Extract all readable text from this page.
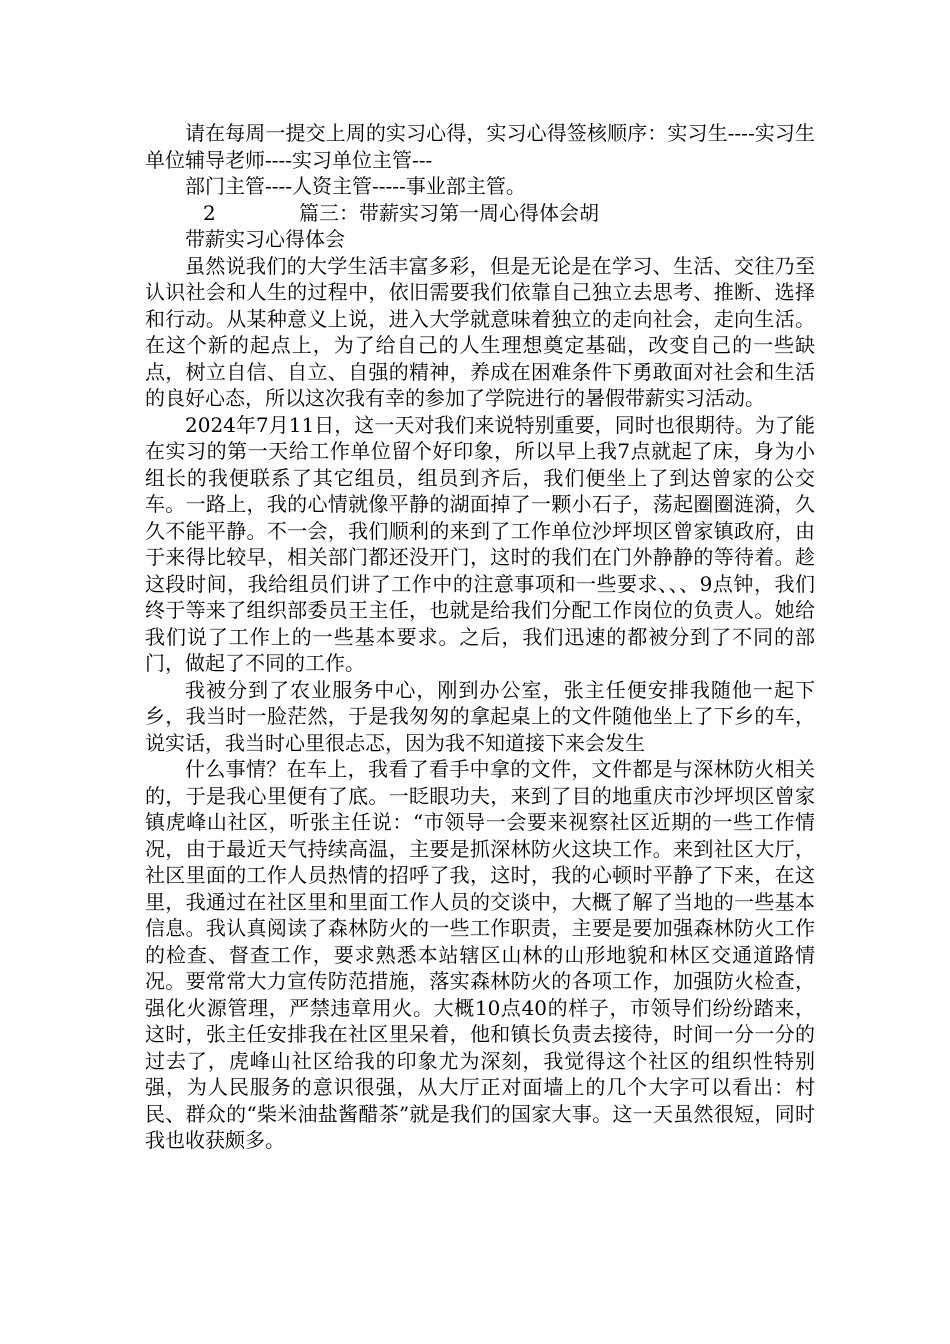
请在每周一提交上周的实习心得，实习心得签核顺序：实习生----实习生单位辅导老师----实习单位主管---

部门主管----人资主管-----事业部主管。

2	篇三：带薪实习第一周心得体会胡

带薪实习心得体会

虽然说我们的大学生活丰富多彩，但是无论是在学习、生活、交往乃至认识社会和人生的过程中，依旧需要我们依靠自己独立去思考、推断、选择和行动。从某种意义上说，进入大学就意味着独立的走向社会，走向生活。在这个新的起点上，为了给自己的人生理想奠定基础，改变自己的一些缺点，树立自信、自立、自强的精神，养成在困难条件下勇敢面对社会和生活的良好心态，所以这次我有幸的参加了学院进行的暑假带薪实习活动。

2024年7月11日，这一天对我们来说特别重要，同时也很期待。为了能在实习的第一天给工作单位留个好印象，所以早上我7点就起了床，身为小组长的我便联系了其它组员，组员到齐后，我们便坐上了到达曾家的公交车。一路上，我的心情就像平静的湖面掉了一颗小石子，荡起圈圈涟漪，久久不能平静。不一会，我们顺利的来到了工作单位沙坪坝区曾家镇政府，由于来得比较早，相关部门都还没开门，这时的我们在门外静静的等待着。趁这段时间，我给组员们讲了工作中的注意事项和一些要求、、、9点钟，我们终于等来了组织部委员王主任，也就是给我们分配工作岗位的负责人。她给我们说了工作上的一些基本要求。之后，我们迅速的都被分到了不同的部门，做起了不同的工作。

我被分到了农业服务中心，刚到办公室，张主任便安排我随他一起下乡，我当时一脸茫然，于是我匆匆的拿起桌上的文件随他坐上了下乡的车，说实话，我当时心里很忐忑，因为我不知道接下来会发生

什么事情？在车上，我看了看手中拿的文件，文件都是与深林防火相关的，于是我心里便有了底。一眨眼功夫，来到了目的地重庆市沙坪坝区曾家镇虎峰山社区，听张主任说：“市领导一会要来视察社区近期的一些工作情况，由于最近天气持续高温，主要是抓深林防火这块工作。来到社区大厅，社区里面的工作人员热情的招呼了我，这时，我的心顿时平静了下来，在这里，我通过在社区里和里面工作人员的交谈中，大概了解了当地的一些基本信息。我认真阅读了森林防火的一些工作职责，主要是要加强森林防火工作的检查、督查工作，要求熟悉本站辖区山林的山形地貌和林区交通道路情况。要常常大力宣传防范措施，落实森林防火的各项工作，加强防火检查，强化火源管理，严禁违章用火。大概10点40的样子，市领导们纷纷踏来，这时，张主任安排我在社区里呆着，他和镇长负责去接待，时间一分一分的过去了，虎峰山社区给我的印象尤为深刻，我觉得这个社区的组织性特别强，为人民服务的意识很强，从大厅正对面墙上的几个大字可以看出：村民、群众的“柴米油盐酱醋茶”就是我们的国家大事。这一天虽然很短，同时我也收获颇多。
